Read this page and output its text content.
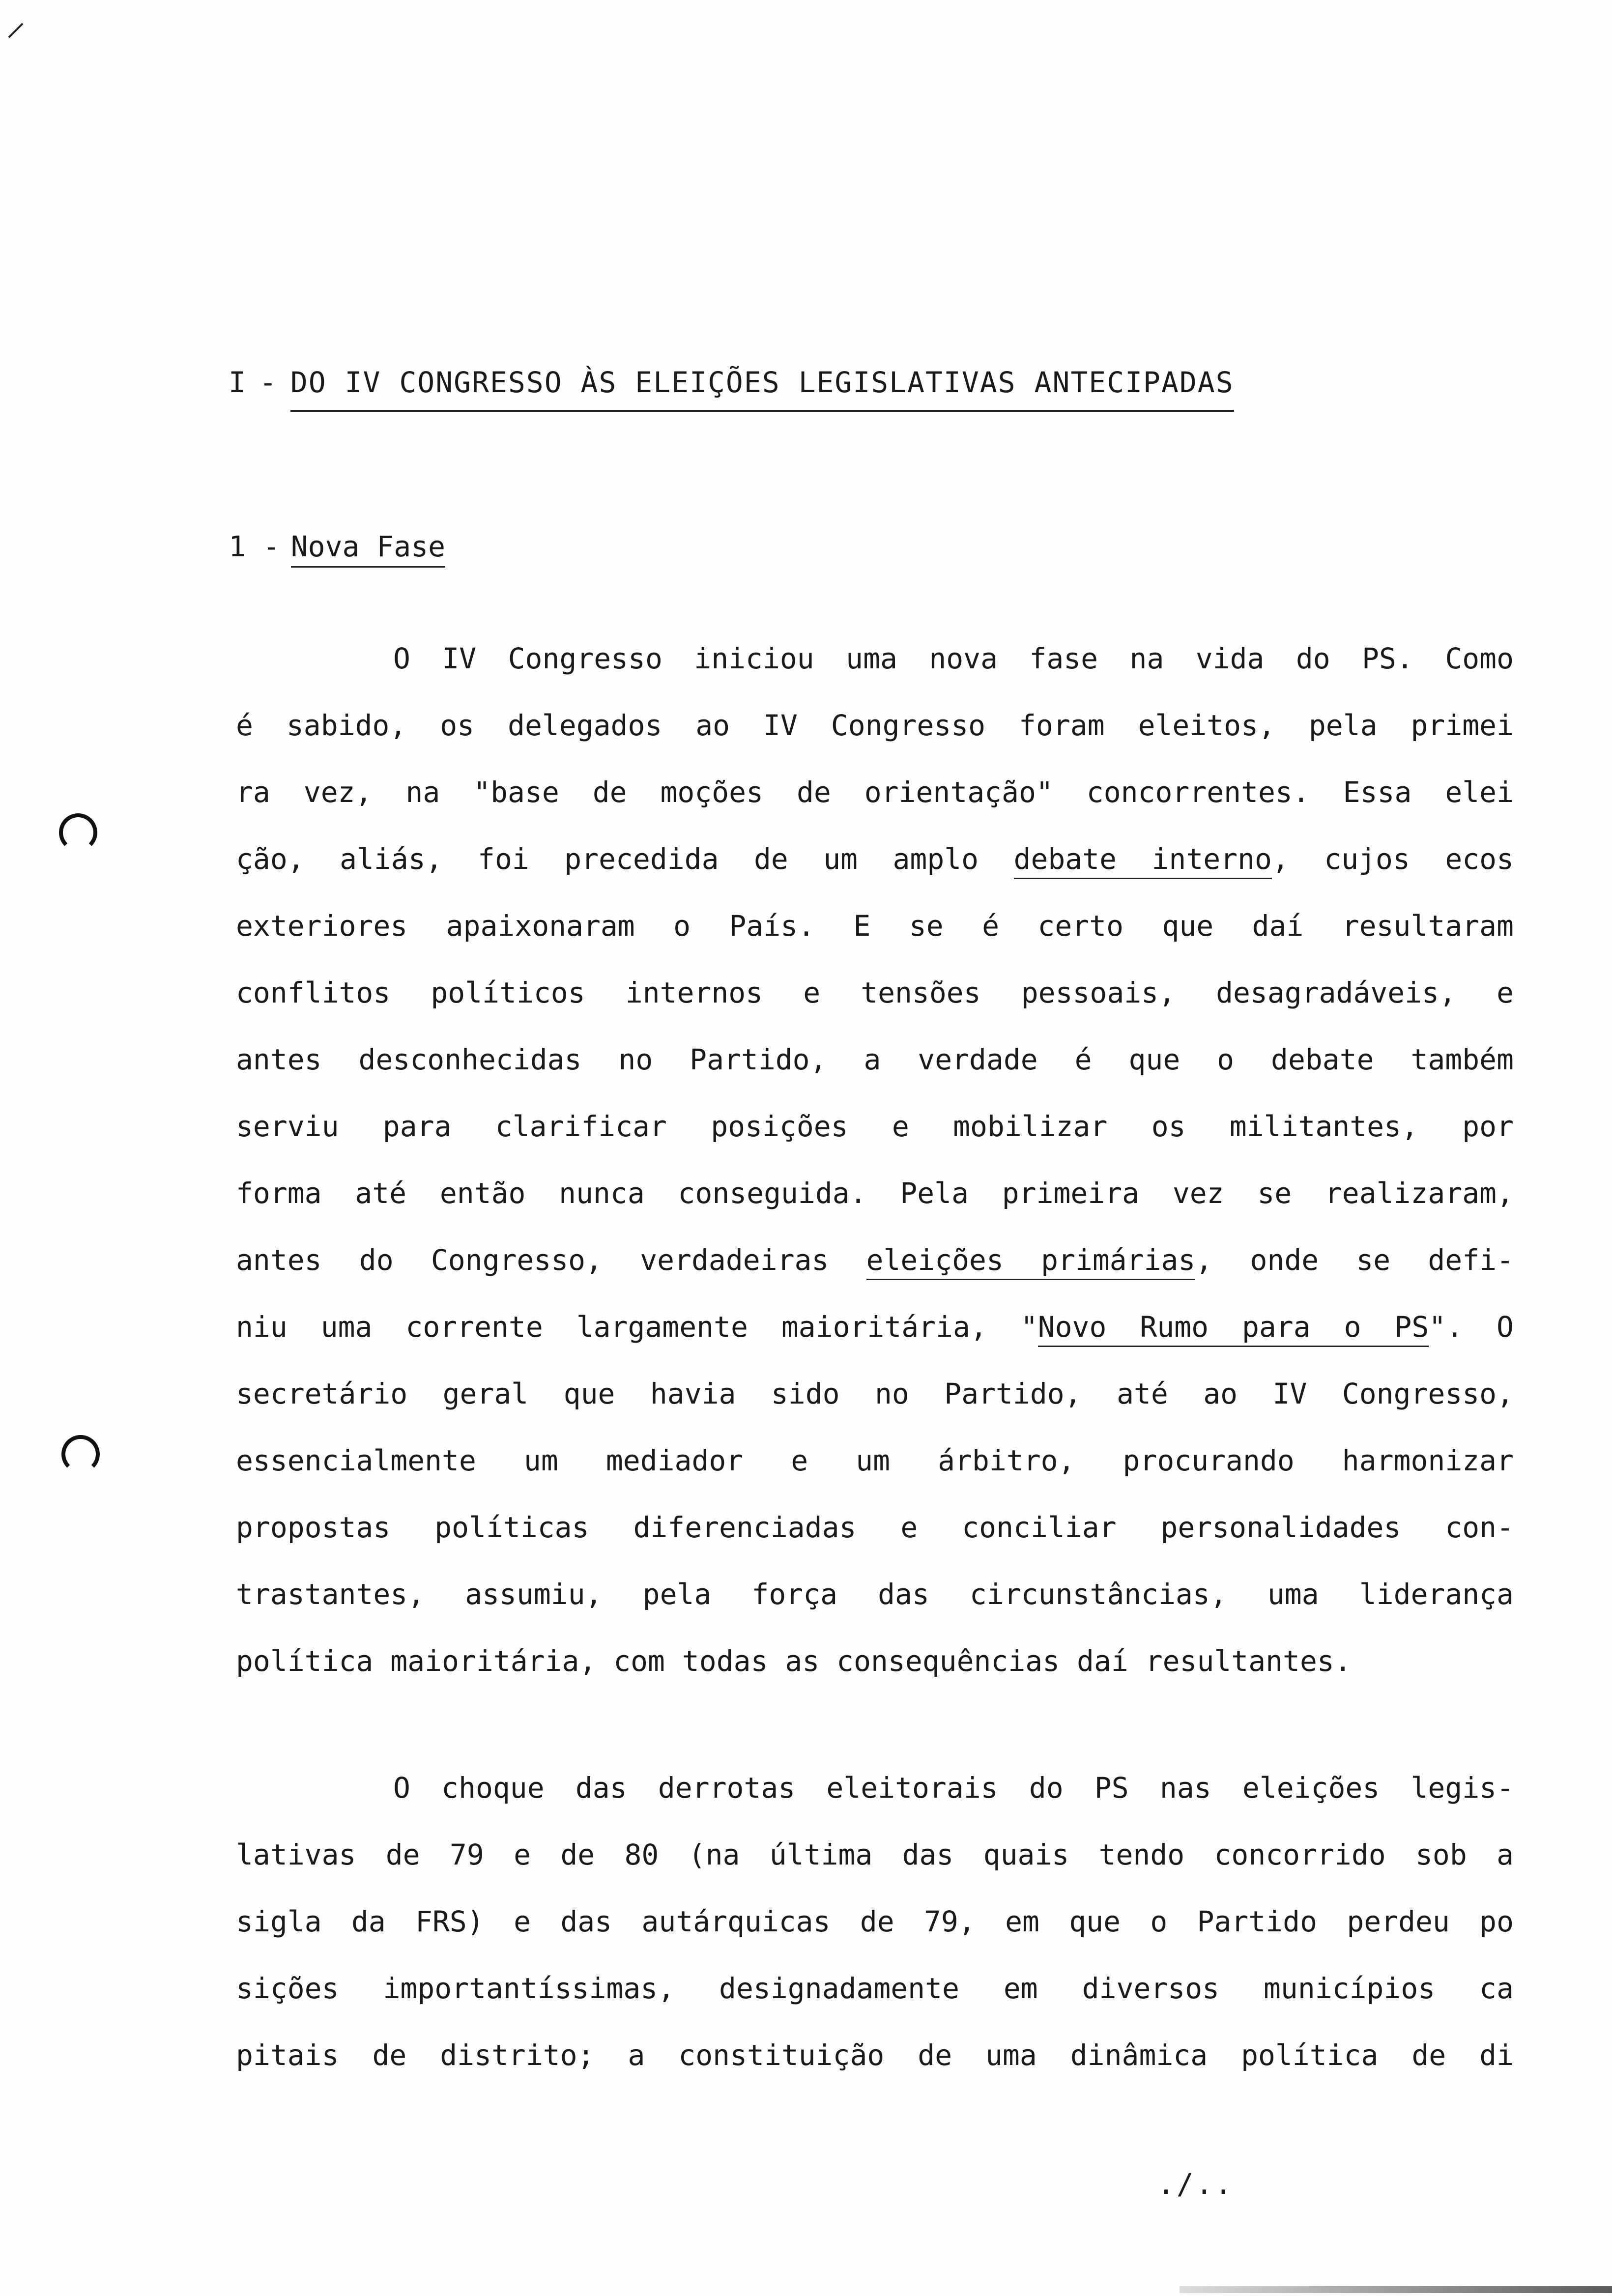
I - DO IV CONGRESSO ÀS ELEIÇÕES LEGISLATIVAS ANTECIPADAS
1 - Nova Fase
O IV Congresso iniciou uma nova fase na vida do PS. Como
é sabido, os delegados ao IV Congresso foram eleitos, pela primei
ra vez, na "base de moções de orientação" concorrentes. Essa elei
ção, aliás, foi precedida de um amplo debate interno, cujos ecos
exteriores apaixonaram o País. E se é certo que daí resultaram
conflitos políticos internos e tensões pessoais, desagradáveis, e
antes desconhecidas no Partido, a verdade é que o debate também
serviu para clarificar posições e mobilizar os militantes, por
forma até então nunca conseguida. Pela primeira vez se realizaram,
antes do Congresso, verdadeiras eleições primárias, onde se defi-
niu uma corrente largamente maioritária, "Novo Rumo para o PS". O
secretário geral que havia sido no Partido, até ao IV Congresso,
essencialmente um mediador e um árbitro, procurando harmonizar
propostas políticas diferenciadas e conciliar personalidades con-
trastantes, assumiu, pela força das circunstâncias, uma liderança
política maioritária, com todas as consequências daí resultantes.
O choque das derrotas eleitorais do PS nas eleições legis-
lativas de 79 e de 80 (na última das quais tendo concorrido sob a
sigla da FRS) e das autárquicas de 79, em que o Partido perdeu po
sições importantíssimas, designadamente em diversos municípios ca
pitais de distrito; a constituição de uma dinâmica política de di
./..
